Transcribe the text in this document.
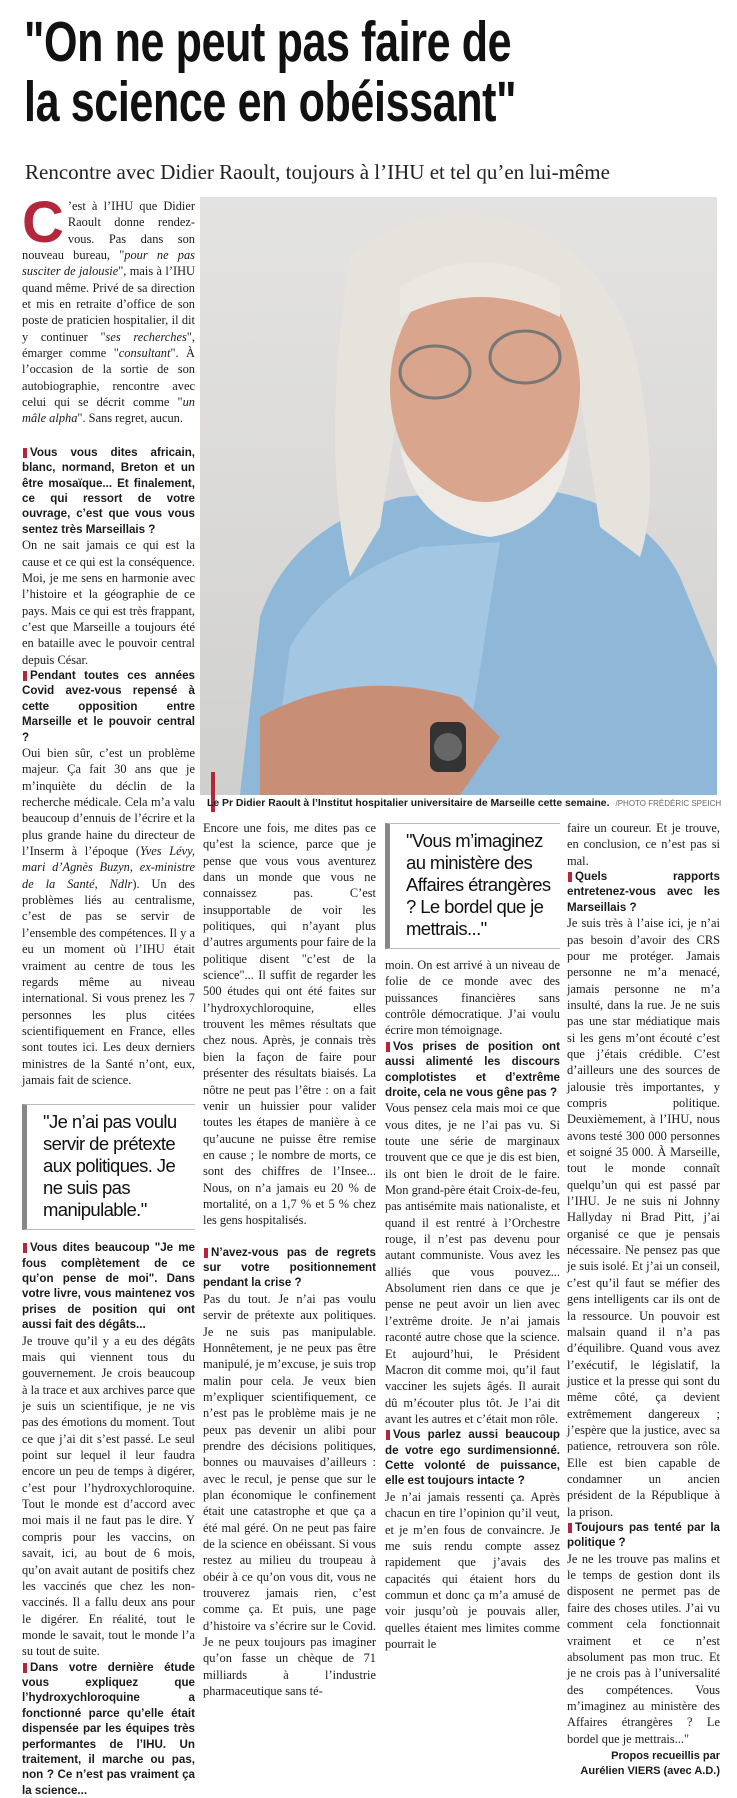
"On ne peut pas faire de
la science en obéissant"
Rencontre avec Didier Raoult, toujours à l’IHU et tel qu’en lui-même
Le Pr Didier Raoult à l’Institut hospitalier universitaire de Marseille cette semaine. /PHOTO FRÉDÉRIC SPEICH

C ’est à l’IHU que Didier Raoult donne rendez-vous. Pas dans son nouveau bureau, "pour ne pas susciter de jalousie", mais à l’IHU quand même. Privé de sa direction et mis en retraite d’office de son poste de praticien hospitalier, il dit y continuer "ses recherches", émarger comme "consultant". À l’occasion de la sortie de son autobiographie, rencontre avec celui qui se décrit comme "un mâle alpha". Sans regret, aucun.

Vous vous dites africain, blanc, normand, Breton et un être mosaïque... Et finalement, ce qui ressort de votre ouvrage, c’est que vous vous sentez très Marseillais ?

On ne sait jamais ce qui est la cause et ce qui est la conséquence. Moi, je me sens en harmonie avec l’histoire et la géographie de ce pays. Mais ce qui est très frappant, c’est que Marseille a toujours été en bataille avec le pouvoir central depuis César.

Pendant toutes ces années Covid avez-vous repensé à cette opposition entre Marseille et le pouvoir central ?

Oui bien sûr, c’est un problème majeur. Ça fait 30 ans que je m’inquiète du déclin de la recherche médicale. Cela m’a valu beaucoup d’ennuis de l’écrire et la plus grande haine du directeur de l’Inserm à l’époque (Yves Lévy, mari d’Agnès Buzyn, ex-ministre de la Santé, Ndlr). Un des problèmes liés au centralisme, c’est de pas se servir de l’ensemble des compétences. Il y a eu un moment où l’IHU était vraiment au centre de tous les regards même au niveau international. Si vous prenez les 7 personnes les plus citées scientifiquement en France, elles sont toutes ici. Les deux derniers ministres de la Santé n’ont, eux, jamais fait de science.

"Je n’ai pas voulu servir de prétexte aux politiques. Je ne suis pas manipulable."

Vous dites beaucoup "Je me fous complètement de ce qu’on pense de moi". Dans votre livre, vous maintenez vos prises de position qui ont aussi fait des dégâts...

Je trouve qu’il y a eu des dégâts mais qui viennent tous du gouvernement. Je crois beaucoup à la trace et aux archives parce que je suis un scientifique, je ne vis pas des émotions du moment. Tout ce que j’ai dit s’est passé. Le seul point sur lequel il leur faudra encore un peu de temps à digérer, c’est pour l’hydroxychloroquine. Tout le monde est d’accord avec moi mais il ne faut pas le dire. Y compris pour les vaccins, on savait, ici, au bout de 6 mois, qu’on avait autant de positifs chez les vaccinés que chez les non-vaccinés. Il a fallu deux ans pour le digérer. En réalité, tout le monde le savait, tout le monde l’a su tout de suite.

Dans votre dernière étude vous expliquez que l’hydroxychloroquine a fonctionné parce qu’elle était dispensée par les équipes très performantes de l’IHU. Un traitement, il marche ou pas, non ? Ce n’est pas vraiment ça la science...

Encore une fois, me dites pas ce qu’est la science, parce que je pense que vous vous aventurez dans un monde que vous ne connaissez pas. C’est insupportable de voir les politiques, qui n’ayant plus d’autres arguments pour faire de la politique disent "c’est de la science"... Il suffit de regarder les 500 études qui ont été faites sur l’hydroxychloroquine, elles trouvent les mêmes résultats que chez nous. Après, je connais très bien la façon de faire pour présenter des résultats biaisés. La nôtre ne peut pas l’être : on a fait venir un huissier pour valider toutes les étapes de manière à ce qu’aucune ne puisse être remise en cause ; le nombre de morts, ce sont des chiffres de l’Insee... Nous, on n’a jamais eu 20 % de mortalité, on a 1,7 % et 5 % chez les gens hospitalisés.

N’avez-vous pas de regrets sur votre positionnement pendant la crise ?

Pas du tout. Je n’ai pas voulu servir de prétexte aux politiques. Je ne suis pas manipulable. Honnêtement, je ne peux pas être manipulé, je m’excuse, je suis trop malin pour cela. Je veux bien m’expliquer scientifiquement, ce n’est pas le problème mais je ne peux pas devenir un alibi pour prendre des décisions politiques, bonnes ou mauvaises d’ailleurs : avec le recul, je pense que sur le plan économique le confinement était une catastrophe et que ça a été mal géré. On ne peut pas faire de la science en obéissant. Si vous restez au milieu du troupeau à obéir à ce qu’on vous dit, vous ne trouverez jamais rien, c’est comme ça. Et puis, une page d’histoire va s’écrire sur le Covid. Je ne peux toujours pas imaginer qu’on fasse un chèque de 71 milliards à l’industrie pharmaceutique sans té-

"Vous m’imaginez au ministère des Affaires étrangères ? Le bordel que je mettrais..."

moin. On est arrivé à un niveau de folie de ce monde avec des puissances financières sans contrôle démocratique. J’ai voulu écrire mon témoignage.

Vos prises de position ont aussi alimenté les discours complotistes et d’extrême droite, cela ne vous gêne pas ?

Vous pensez cela mais moi ce que vous dites, je ne l’ai pas vu. Si toute une série de marginaux trouvent que ce que je dis est bien, ils ont bien le droit de le faire. Mon grand-père était Croix-de-feu, pas antisémite mais nationaliste, et quand il est rentré à l’Orchestre rouge, il n’est pas devenu pour autant communiste. Vous avez les alliés que vous pouvez... Absolument rien dans ce que je pense ne peut avoir un lien avec l’extrême droite. Je n’ai jamais raconté autre chose que la science. Et aujourd’hui, le Président Macron dit comme moi, qu’il faut vacciner les sujets âgés. Il aurait dû m’écouter plus tôt. Je l’ai dit avant les autres et c’était mon rôle.

Vous parlez aussi beaucoup de votre ego surdimensionné. Cette volonté de puissance, elle est toujours intacte ?

Je n’ai jamais ressenti ça. Après chacun en tire l’opinion qu’il veut, et je m’en fous de convaincre. Je me suis rendu compte assez rapidement que j’avais des capacités qui étaient hors du commun et donc ça m’a amusé de voir jusqu’où je pouvais aller, quelles étaient mes limites comme pourrait le

faire un coureur. Et je trouve, en conclusion, ce n’est pas si mal.

Quels rapports entretenez-vous avec les Marseillais ?

Je suis très à l’aise ici, je n’ai pas besoin d’avoir des CRS pour me protéger. Jamais personne ne m’a menacé, jamais personne ne m’a insulté, dans la rue. Je ne suis pas une star médiatique mais si les gens m’ont écouté c’est que j’étais crédible. C’est d’ailleurs une des sources de jalousie très importantes, y compris politique. Deuxièmement, à l’IHU, nous avons testé 300 000 personnes et soigné 35 000. À Marseille, tout le monde connaît quelqu’un qui est passé par l’IHU. Je ne suis ni Johnny Hallyday ni Brad Pitt, j’ai organisé ce que je pensais nécessaire. Ne pensez pas que je suis isolé. Et j’ai un conseil, c’est qu’il faut se méfier des gens intelligents car ils ont de la ressource. Un pouvoir est malsain quand il n’a pas d’équilibre. Quand vous avez l’exécutif, le législatif, la justice et la presse qui sont du même côté, ça devient extrêmement dangereux ; j’espère que la justice, avec sa patience, retrouvera son rôle. Elle est bien capable de condamner un ancien président de la République à la prison.

Toujours pas tenté par la politique ?

Je ne les trouve pas malins et le temps de gestion dont ils disposent ne permet pas de faire des choses utiles. J’ai vu comment cela fonctionnait vraiment et ce n’est absolument pas mon truc. Et je ne crois pas à l’universalité des compétences. Vous m’imaginez au ministère des Affaires étrangères ? Le bordel que je mettrais..."

Propos recueillis par
Aurélien VIERS (avec A.D.)
